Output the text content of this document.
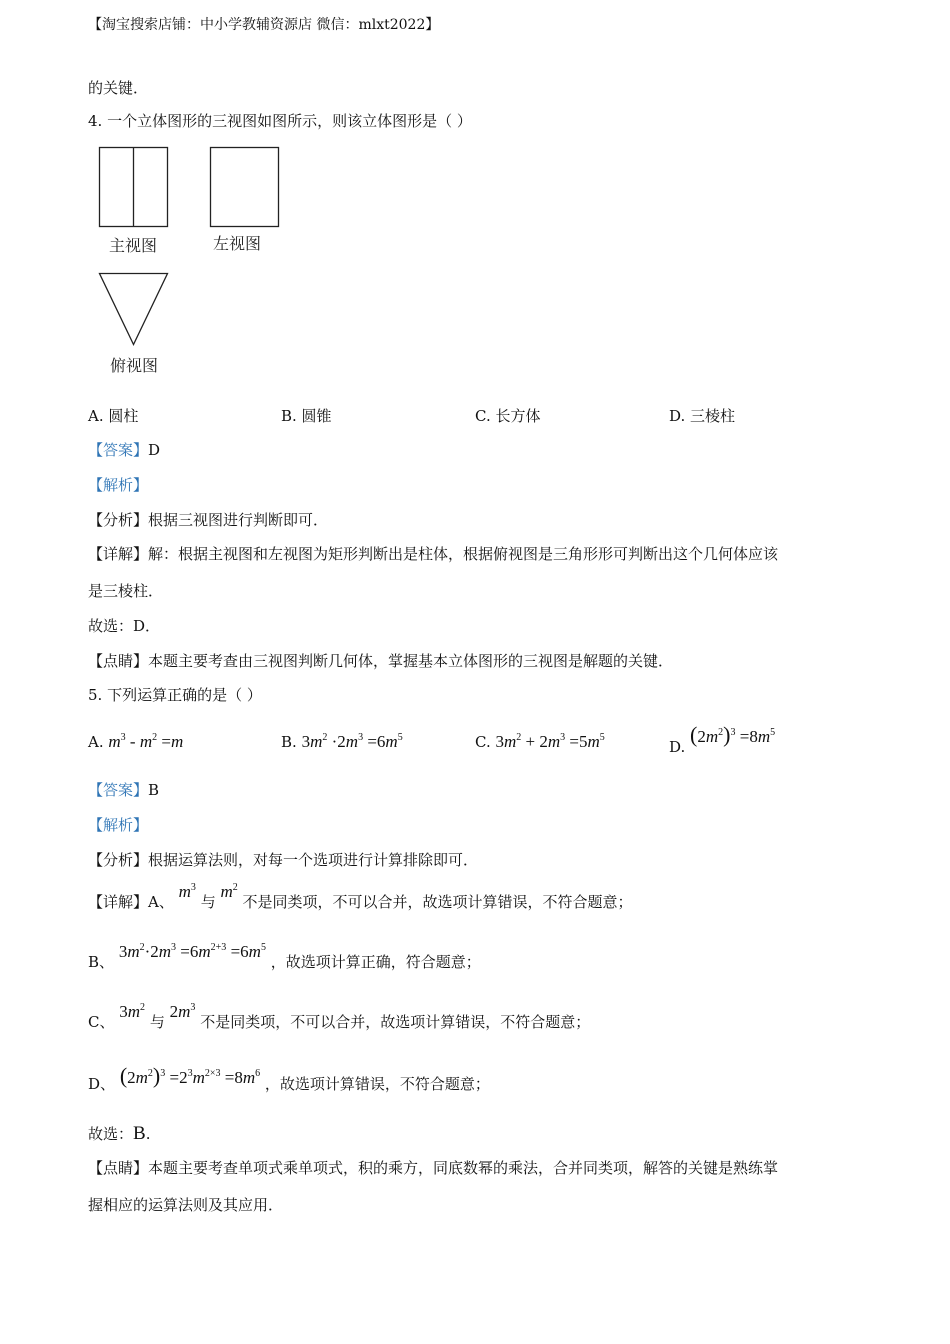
【淘宝搜索店铺：中小学教辅资源店 微信：mlxt2022】
的关键．
4. 一个立体图形的三视图如图所示，则该立体图形是（ ）
主视图	左视图
俯视图
A. 圆柱	B. 圆锥	C. 长方体	D. 三棱柱
【答案】D
【解析】
【分析】根据三视图进行判断即可．
【详解】解：根据主视图和左视图为矩形判断出是柱体，根据俯视图是三角形形可判断出这个几何体应该
是三棱柱．
故选：D．
【点睛】本题主要考查由三视图判断几何体，掌握基本立体图形的三视图是解题的关键．
5. 下列运算正确的是（ ）
A. $m^3 - m^2 =m$	B. $3m^2 \cdot 2m^3 =6m^5$	C. $3m^2 + 2m^3 =5m^5$
D. $(2m^2)^3 =8m^5$
【答案】B
【解析】
【分析】根据运算法则，对每一个选项进行计算排除即可．
【详解】A、 $m^3$ 与 $m^2$ 不是同类项，不可以合并，故选项计算错误，不符合题意；
B、 $3m^2\cdot 2m^3 =6m^{2+3} =6m^5$ ，故选项计算正确，符合题意；
C、 $3m^2$ 与 $2m^3$ 不是同类项，不可以合并，故选项计算错误，不符合题意；
D、 $(2m^2)^3 =2^3m^{2\times 3} =8m^6$ ，故选项计算错误，不符合题意；
故选：B.
【点睛】本题主要考查单项式乘单项式，积的乘方，同底数幂的乘法，合并同类项，解答的关键是熟练掌
握相应的运算法则及其应用．
